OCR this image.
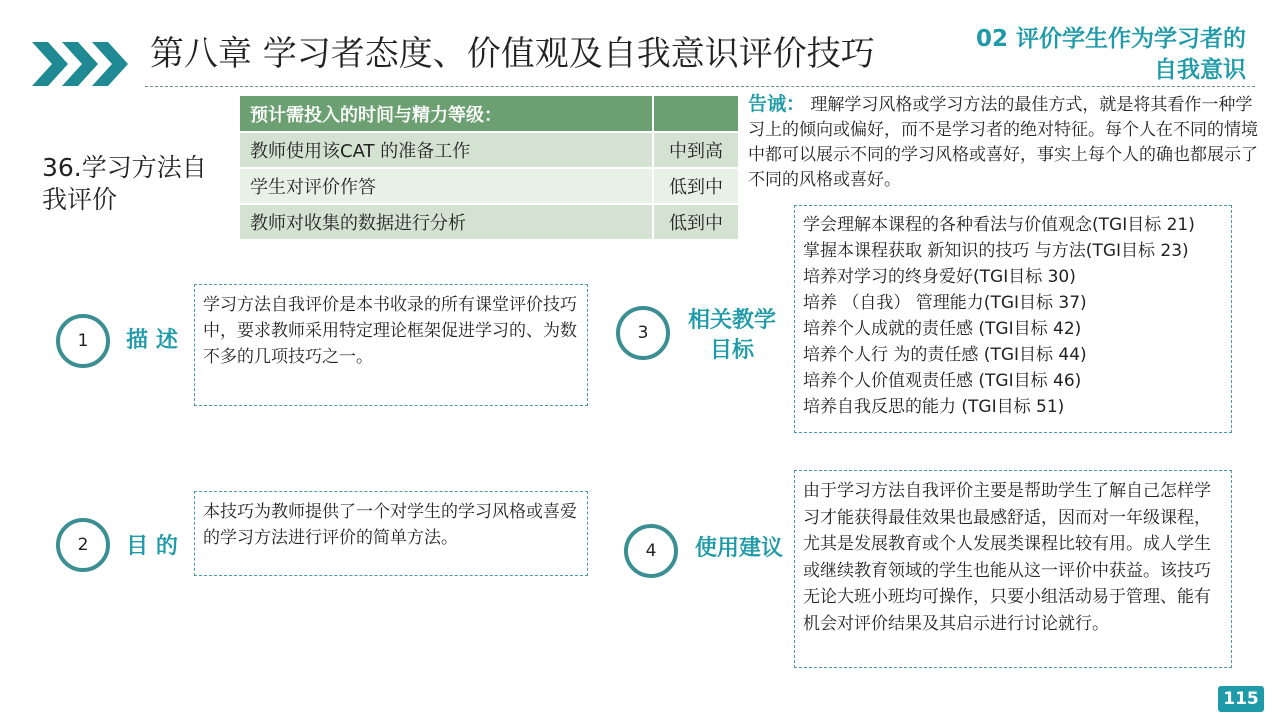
第八章 学习者态度、价值观及自我意识评价技巧	02 评价学生作为学习者的
自我意识
36.学习方法自
我评价
预计需投入的时间与精力等级：	
教师使用该CAT 的准备工作	中到高
学生对评价作答	低到中
教师对收集的数据进行分析	低到中
告诫： 理解学习风格或学习方法的最佳方式，就是将其看作一种学习上的倾向或偏好，而不是学习者的绝对特征。每个人在不同的情境中都可以展示不同的学习风格或喜好，事实上每个人的确也都展示了不同的风格或喜好。
1	描 述
学习方法自我评价是本书收录的所有课堂评价技巧中，要求教师采用特定理论框架促进学习的、为数不多的几项技巧之一。
2	目 的
本技巧为教师提供了一个对学生的学习风格或喜爱的学习方法进行评价的简单方法。
3	相关教学
目标
学会理解本课程的各种看法与价值观念(TGI目标 21)
掌握本课程获取 新知识的技巧 与方法(TGI目标 23)
培养对学习的终身爱好(TGI目标 30)
培养 （自我） 管理能力(TGI目标 37)
培养个人成就的责任感 (TGI目标 42)
培养个人行 为的责任感 (TGI目标 44)
培养个人价值观责任感 (TGI目标 46)
培养自我反思的能力 (TGI目标 51)
4	使用建议
由于学习方法自我评价主要是帮助学生了解自己怎样学习才能获得最佳效果也最感舒适，因而对一年级课程，尤其是发展教育或个人发展类课程比较有用。成人学生或继续教育领域的学生也能从这一评价中获益。该技巧无论大班小班均可操作，只要小组活动易于管理、能有机会对评价结果及其启示进行讨论就行。
115
